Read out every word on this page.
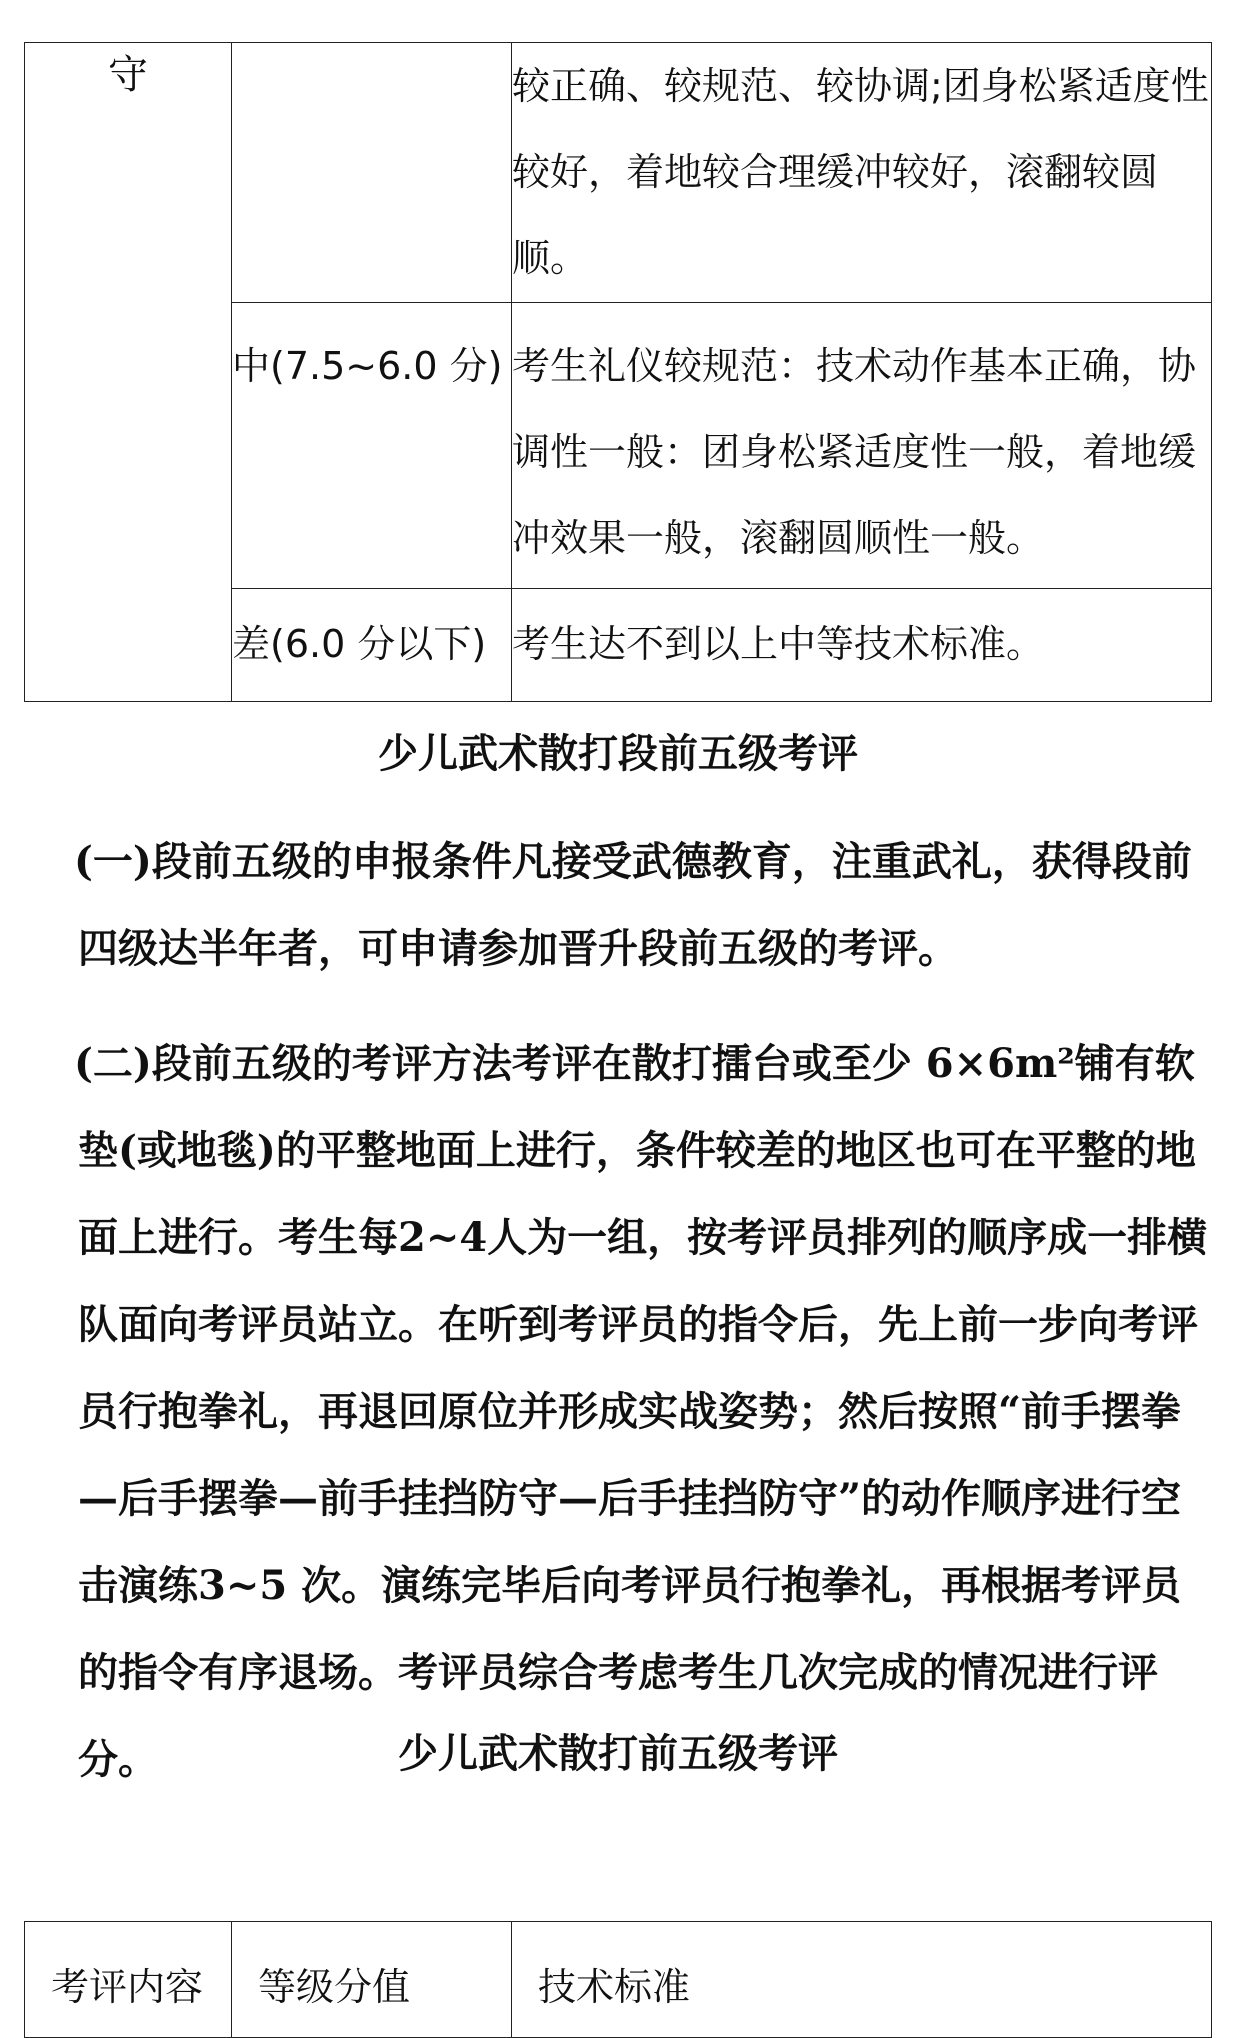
守		较正确、较规范、较协调;团身松紧适度性较好，着地较合理缓冲较好，滚翻较圆顺。
	中(7.5~6.0 分)	考生礼仪较规范：技术动作基本正确，协调性一般：团身松紧适度性一般，着地缓冲效果一般，滚翻圆顺性一般。
	差(6.0 分以下)	考生达不到以上中等技术标准。
少儿武术散打段前五级考评
(一)段前五级的申报条件凡接受武德教育，注重武礼，获得段前四级达半年者，可申请参加晋升段前五级的考评。
(二)段前五级的考评方法考评在散打擂台或至少 6×6m²铺有软垫(或地毯)的平整地面上进行，条件较差的地区也可在平整的地面上进行。考生每2~4人为一组，按考评员排列的顺序成一排横队面向考评员站立。在听到考评员的指令后，先上前一步向考评员行抱拳礼，再退回原位并形成实战姿势；然后按照“前手摆拳—后手摆拳—前手挂挡防守—后手挂挡防守”的动作顺序进行空击演练3~5 次。演练完毕后向考评员行抱拳礼，再根据考评员的指令有序退场。考评员综合考虑考生几次完成的情况进行评分。	少儿武术散打前五级考评
考评内容	等级分值	技术标准
